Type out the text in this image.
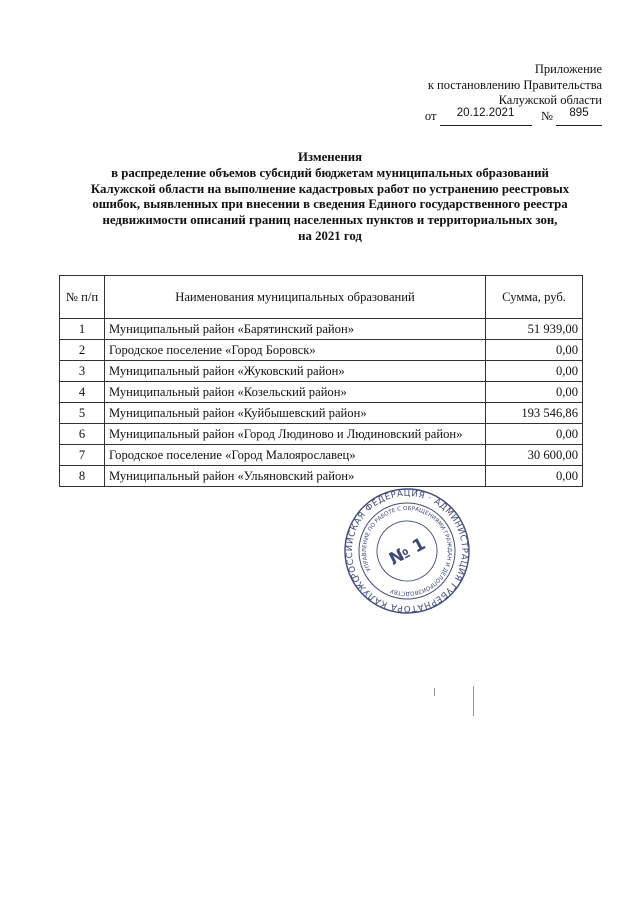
Приложение
к постановлению Правительства
Калужской области
от 20.12.2021 № 895
Изменения
в распределение объемов субсидий бюджетам муниципальных образований
Калужской области на выполнение кадастровых работ по устранению реестровых
ошибок, выявленных при внесении в сведения Единого государственного реестра
недвижимости описаний границ населенных пунктов и территориальных зон,
на 2021 год
№ п/п	Наименования муниципальных образований	Сумма, руб.
1	Муниципальный район «Барятинский район»	51 939,00
2	Городское поселение «Город Боровск»	0,00
3	Муниципальный район «Жуковский район»	0,00
4	Муниципальный район «Козельский район»	0,00
5	Муниципальный район «Куйбышевский район»	193 546,86
6	Муниципальный район «Город Людиново и Людиновский район»	0,00
7	Городское поселение «Город Малоярославец»	30 600,00
8	Муниципальный район «Ульяновский район»	0,00
РОССИЙСКАЯ ФЕДЕРАЦИЯ · АДМИНИСТРАЦИЯ ГУБЕРНАТОРА КАЛУЖСКОЙ
УПРАВЛЕНИЕ ПО РАБОТЕ С ОБРАЩЕНИЯМИ ГРАЖДАН И ДЕЛОПРОИЗВОДСТВУ
№ 1
